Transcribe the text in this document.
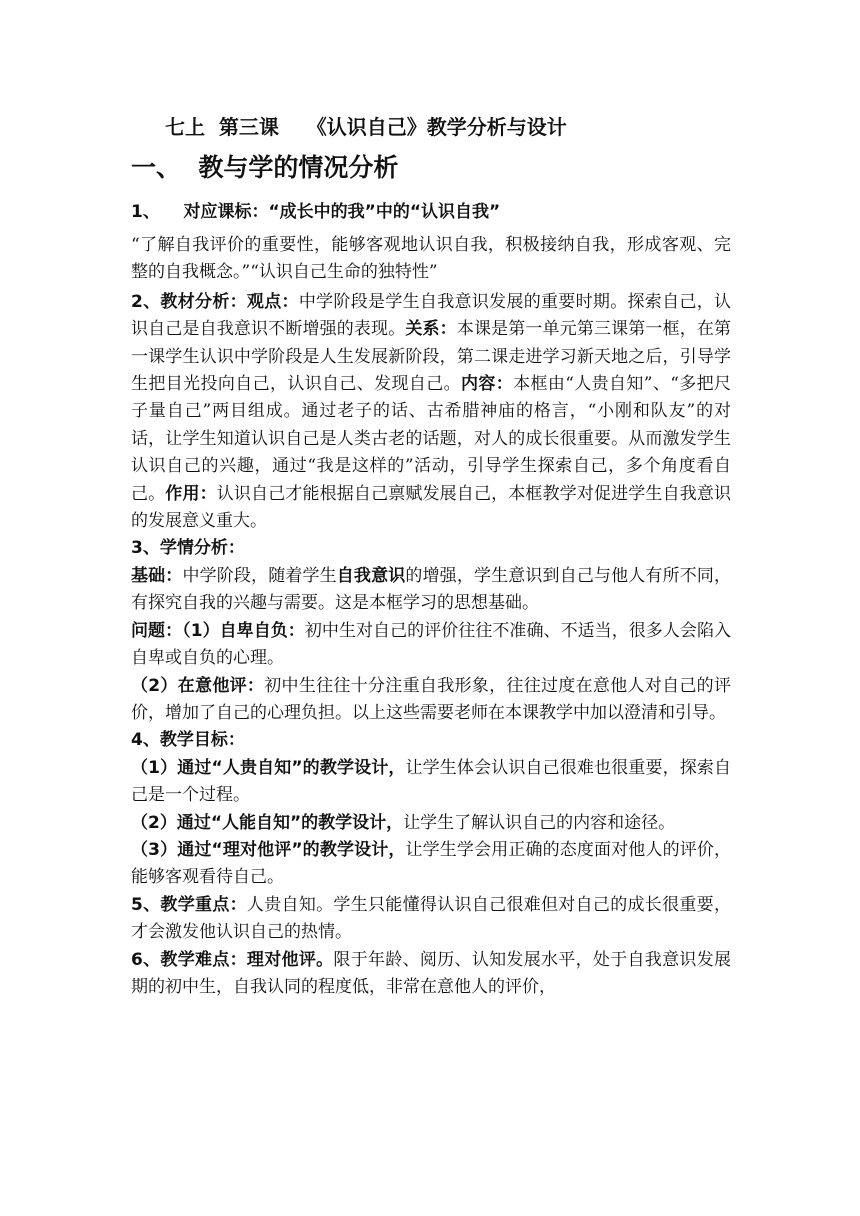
七上  第三课    《认识自己》教学分析与设计
一、  教与学的情况分析
1、    对应课标：“成长中的我”中的“认识自我”

“了解自我评价的重要性，能够客观地认识自我，积极接纳自我，形成客观、完整的自我概念。”“认识自己生命的独特性”

2、教材分析：观点：中学阶段是学生自我意识发展的重要时期。探索自己，认识自己是自我意识不断增强的表现。关系：本课是第一单元第三课第一框，在第一课学生认识中学阶段是人生发展新阶段，第二课走进学习新天地之后，引导学生把目光投向自己，认识自己、发现自己。内容：本框由“人贵自知”、“多把尺子量自己”两目组成。通过老子的话、古希腊神庙的格言，“小刚和队友”的对话，让学生知道认识自己是人类古老的话题，对人的成长很重要。从而激发学生认识自己的兴趣，通过“我是这样的”活动，引导学生探索自己，多个角度看自己。作用：认识自己才能根据自己禀赋发展自己，本框教学对促进学生自我意识的发展意义重大。

3、学情分析：

基础：中学阶段，随着学生自我意识的增强，学生意识到自己与他人有所不同，有探究自我的兴趣与需要。这是本框学习的思想基础。

问题：（1）自卑自负：初中生对自己的评价往往不准确、不适当，很多人会陷入自卑或自负的心理。

（2）在意他评：初中生往往十分注重自我形象，往往过度在意他人对自己的评价，增加了自己的心理负担。以上这些需要老师在本课教学中加以澄清和引导。

4、教学目标：

（1）通过“人贵自知”的教学设计，让学生体会认识自己很难也很重要，探索自己是一个过程。

（2）通过“人能自知”的教学设计，让学生了解认识自己的内容和途径。

（3）通过“理对他评”的教学设计，让学生学会用正确的态度面对他人的评价，能够客观看待自己。

5、教学重点：人贵自知。学生只能懂得认识自己很难但对自己的成长很重要，才会激发他认识自己的热情。

6、教学难点：理对他评。限于年龄、阅历、认知发展水平，处于自我意识发展期的初中生，自我认同的程度低，非常在意他人的评价，
